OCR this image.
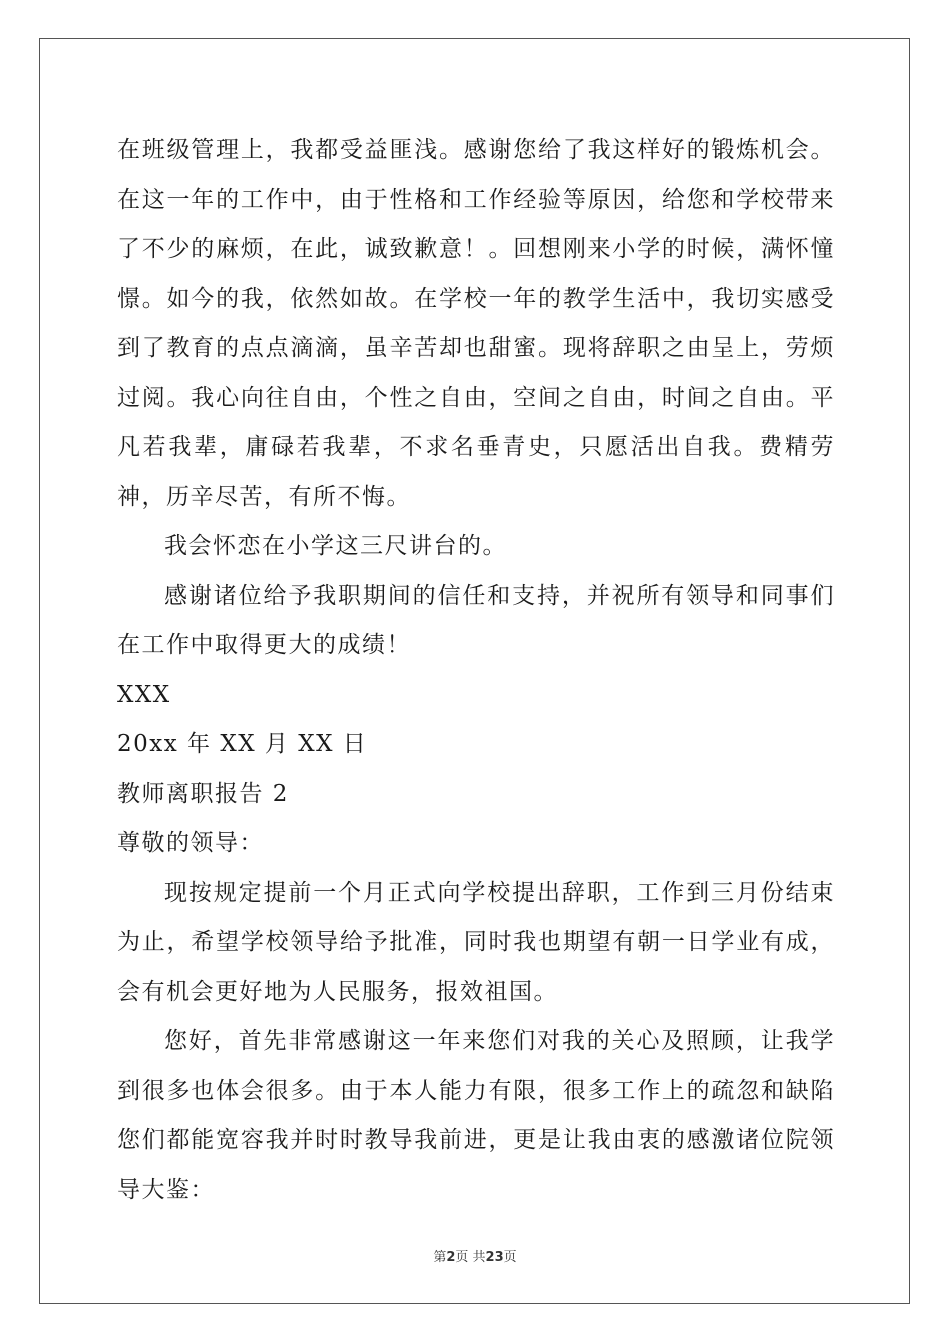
在班级管理上，我都受益匪浅。感谢您给了我这样好的锻炼机会。在这一年的工作中，由于性格和工作经验等原因，给您和学校带来了不少的麻烦，在此，诚致歉意！。回想刚来小学的时候，满怀憧憬。如今的我，依然如故。在学校一年的教学生活中，我切实感受到了教育的点点滴滴，虽辛苦却也甜蜜。现将辞职之由呈上，劳烦过阅。我心向往自由，个性之自由，空间之自由，时间之自由。平凡若我辈，庸碌若我辈，不求名垂青史，只愿活出自我。费精劳神，历辛尽苦，有所不悔。

我会怀恋在小学这三尺讲台的。

感谢诸位给予我职期间的信任和支持，并祝所有领导和同事们在工作中取得更大的成绩！

XXX

20xx 年 XX 月 XX 日

教师离职报告 2

尊敬的领导：

现按规定提前一个月正式向学校提出辞职，工作到三月份结束为止，希望学校领导给予批准，同时我也期望有朝一日学业有成，会有机会更好地为人民服务，报效祖国。

您好，首先非常感谢这一年来您们对我的关心及照顾，让我学到很多也体会很多。由于本人能力有限，很多工作上的疏忽和缺陷您们都能宽容我并时时教导我前进，更是让我由衷的感激诸位院领导大鉴：

第2页 共23页
